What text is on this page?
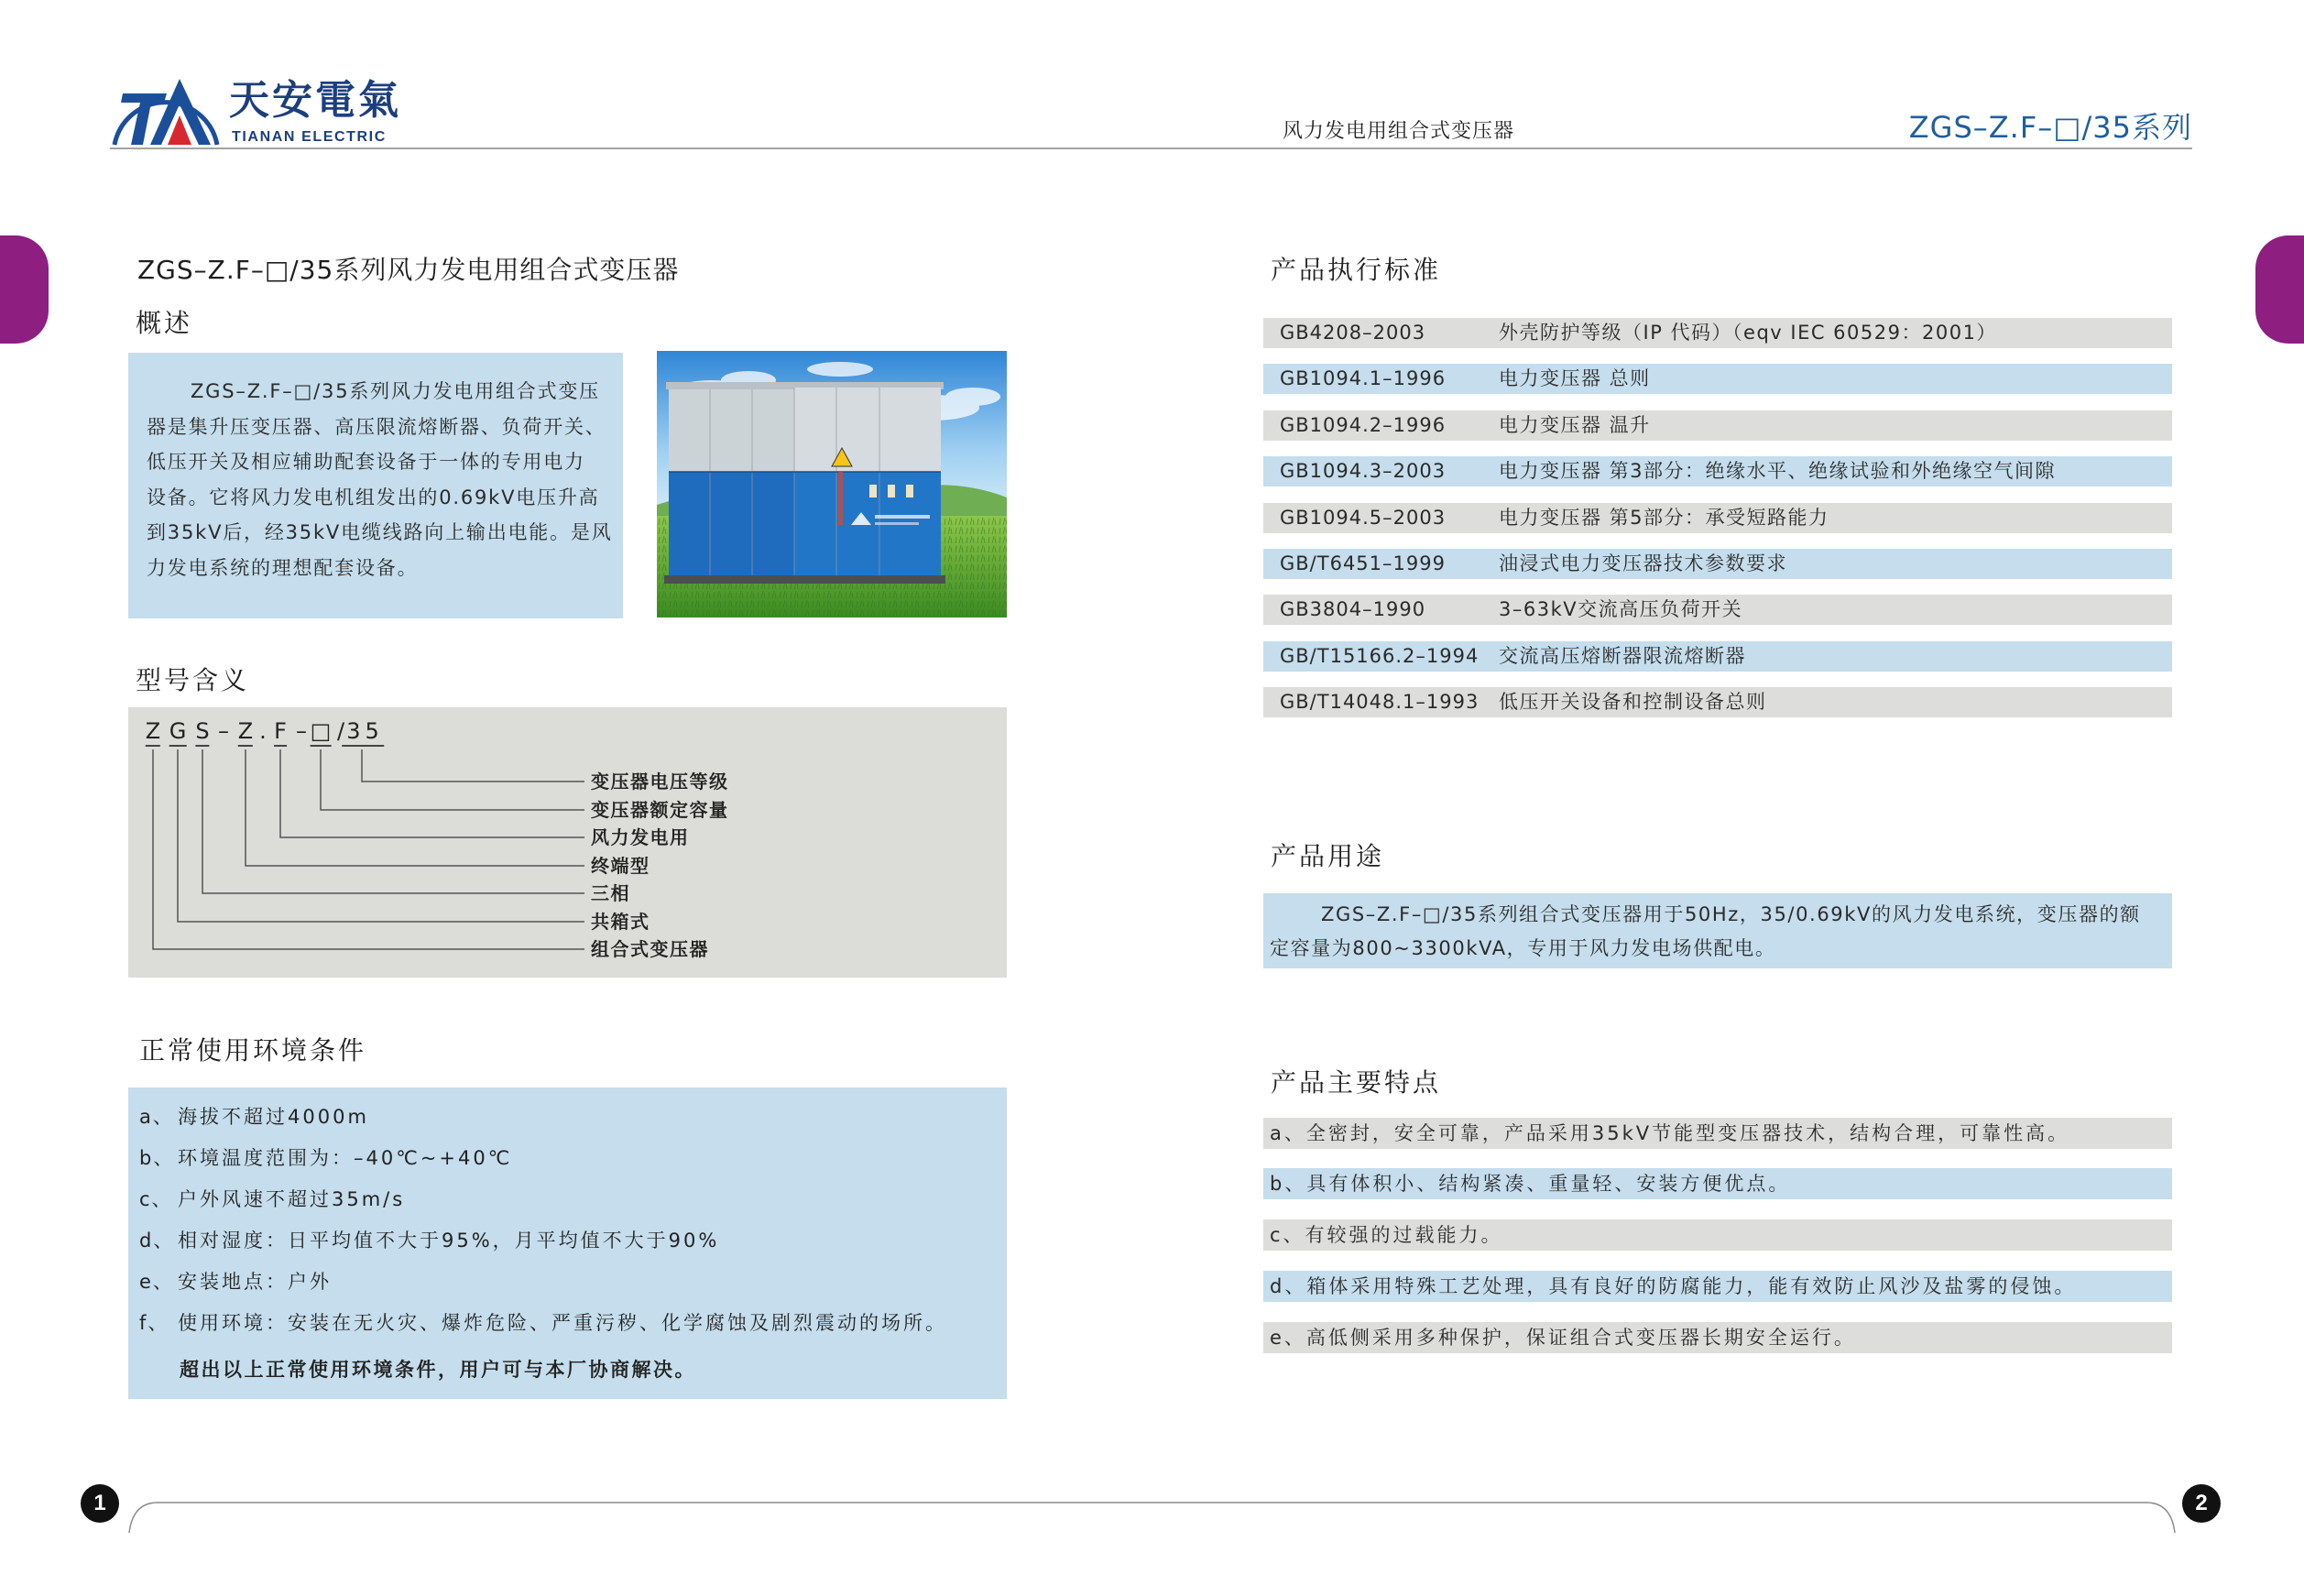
天安電氣
TIANAN ELECTRIC	风力发电用组合式变压器	ZGS–Z.F–□/35系列
ZGS–Z.F–□/35系列风力发电用组合式变压器
概述
ZGS–Z.F–□/35系列风力发电用组合式变压
器是集升压变压器、高压限流熔断器、负荷开关、
低压开关及相应辅助配套设备于一体的专用电力
设备。它将风力发电机组发出的0.69kV电压升高
到35kV后，经35kV电缆线路向上输出电能。是风
力发电系统的理想配套设备。
型号含义
Z G S – Z . F – □ / 35
变压器电压等级
变压器额定容量
风力发电用
终端型
三相
共箱式
组合式变压器
正常使用环境条件
a、 海拔不超过4000m
b、 环境温度范围为：–40℃~+40℃
c、 户外风速不超过35m/s
d、 相对湿度：日平均值不大于95%，月平均值不大于90%
e、 安装地点：户外
f、 使用环境：安装在无火灾、爆炸危险、严重污秽、化学腐蚀及剧烈震动的场所。
超出以上正常使用环境条件，用户可与本厂协商解决。
产品执行标准
GB4208–2003	外壳防护等级（IP 代码）（eqv IEC 60529：2001）
GB1094.1–1996	电力变压器 总则
GB1094.2–1996	电力变压器 温升
GB1094.3–2003	电力变压器 第3部分：绝缘水平、绝缘试验和外绝缘空气间隙
GB1094.5–2003	电力变压器 第5部分：承受短路能力
GB/T6451–1999	油浸式电力变压器技术参数要求
GB3804–1990	3–63kV交流高压负荷开关
GB/T15166.2–1994 交流高压熔断器限流熔断器
GB/T14048.1–1993 低压开关设备和控制设备总则
产品用途
ZGS–Z.F–□/35系列组合式变压器用于50Hz，35/0.69kV的风力发电系统，变压器的额
定容量为800~3300kVA，专用于风力发电场供配电。
产品主要特点
a、全密封，安全可靠，产品采用35kV节能型变压器技术，结构合理，可靠性高。
b、具有体积小、结构紧凑、重量轻、安装方便优点。
c、有较强的过载能力。
d、箱体采用特殊工艺处理，具有良好的防腐能力，能有效防止风沙及盐雾的侵蚀。
e、高低侧采用多种保护，保证组合式变压器长期安全运行。
1	2
